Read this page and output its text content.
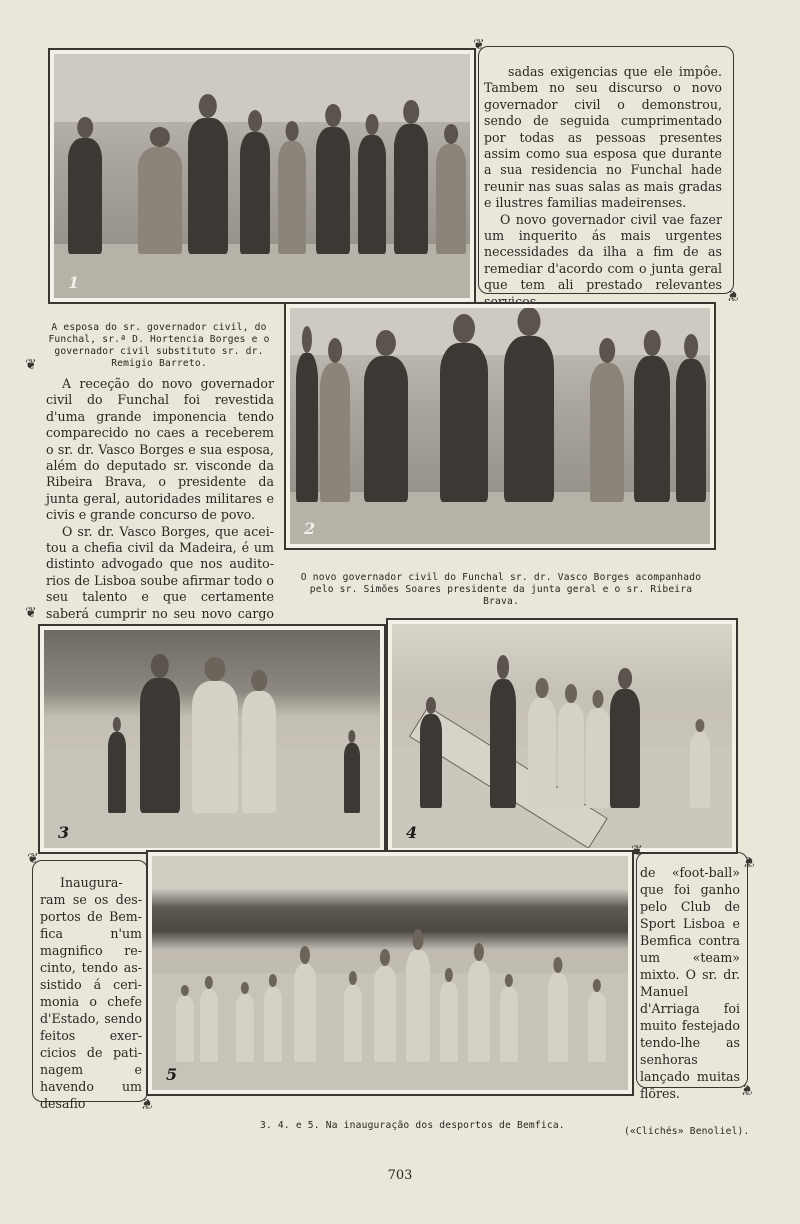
1
❦ ❦

sadas exigencias que ele impôe. Tambem no seu discurso o novo governador civil o demonstrou, sendo de seguida cumprimentado por todas as pessoas presentes assim como sua esposa que durante a sua residencia no Funchal hade reunir nas suas salas as mais gradas e ilustres familias madeirenses.

O novo governador civil vae fazer um inquerito ás mais urgentes necessidades da ilha a fim de as remediar d'acordo com o junta geral que tem ali prestado relevantes

A esposa do sr. governador civil, do Funchal, sr.ª D. Hortencia Borges e o governador civil substituto sr. dr. Remigio Barreto.
❦ ❦

A receção do novo governador civil do Funchal foi revestida d'uma grande imponencia tendo comparecido no caes a receberem o sr. dr. Vasco Borges e sua esposa, além do deputado sr. visconde da Ribeira Brava, o presidente da junta geral, autoridades militares e civis e grande concurso de povo.

O sr. dr. Vasco Borges, que aceitou a chefia civil da Madeira, é um distinto advogado que nos auditorios de Lisboa soube afirmar todo o seu talento e que certamente saberá cumprir no seu novo cargo

2
O novo governador civil do Funchal sr. dr. Vasco Borges acompanhado
pelo sr. Simões Soares presidente da junta geral e o sr. Ribeira Brava.
❦ ❦
3	4
❦ ❦

Inauguraram se os desportos de Bemfica n'um magnifico recinto, tendo assistido á cerimonia o chefe d'Estado, sendo feitos exercicios de patinagem e havendo um desafio

5
❦ ❦

de «foot-ball» que foi ganho pelo Club de Sport Lisboa e Bemfica contra um «team» mixto. O sr. dr. Manuel d'Arriaga foi muito festejado tendo-lhe as senhoras lançado muitas flôres.

3. 4. e 5. Na inauguração dos desportos de Bemfica.
(«Clichés» Benoliel).
703
